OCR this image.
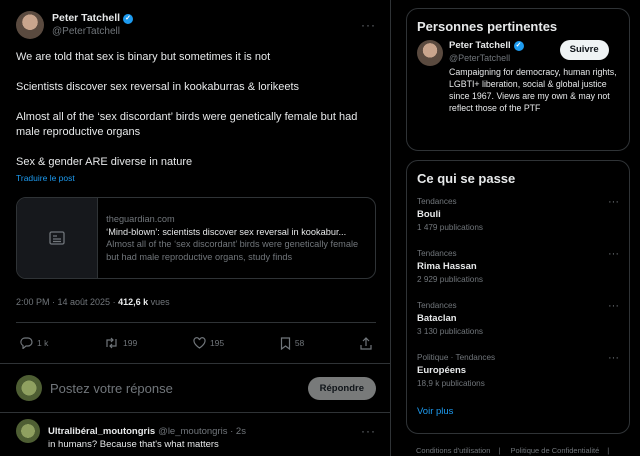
Peter Tatchell ✓
@PeterTatchell	···

We are told that sex is binary but sometimes it is not

Scientists discover sex reversal in kookaburras & lorikeets

Almost all of the ‘sex discordant’ birds were genetically female but had male reproductive organs

Sex & gender ARE diverse in nature

Traduire le post
theguardian.com
‘Mind-blown’: scientists discover sex reversal in kookabur...
Almost all of the ‘sex discordant’ birds were genetically female but had male reproductive organs, study finds
2:00 PM · 14 août 2025 · 412,6 k vues
1 k	199	195	58
Postez votre réponse	Répondre
Ultralibéral_moutongris @le_moutongris · 2s	···
in humans? Because that's what matters
Personnes pertinentes
Peter Tatchell ✓
@PeterTatchell
Suivre
Campaigning for democracy, human rights, LGBTI+ liberation, social & global justice since 1967. Views are my own & may not reflect those of the PTF
Ce qui se passe
Tendances
Bouli
1 479 publications
···
Tendances
Rima Hassan
2 929 publications
···
Tendances
Bataclan
3 130 publications
···
Politique · Tendances
Européens
18,9 k publications
···
Voir plus
Conditions d'utilisation | Politique de Confidentialité |
